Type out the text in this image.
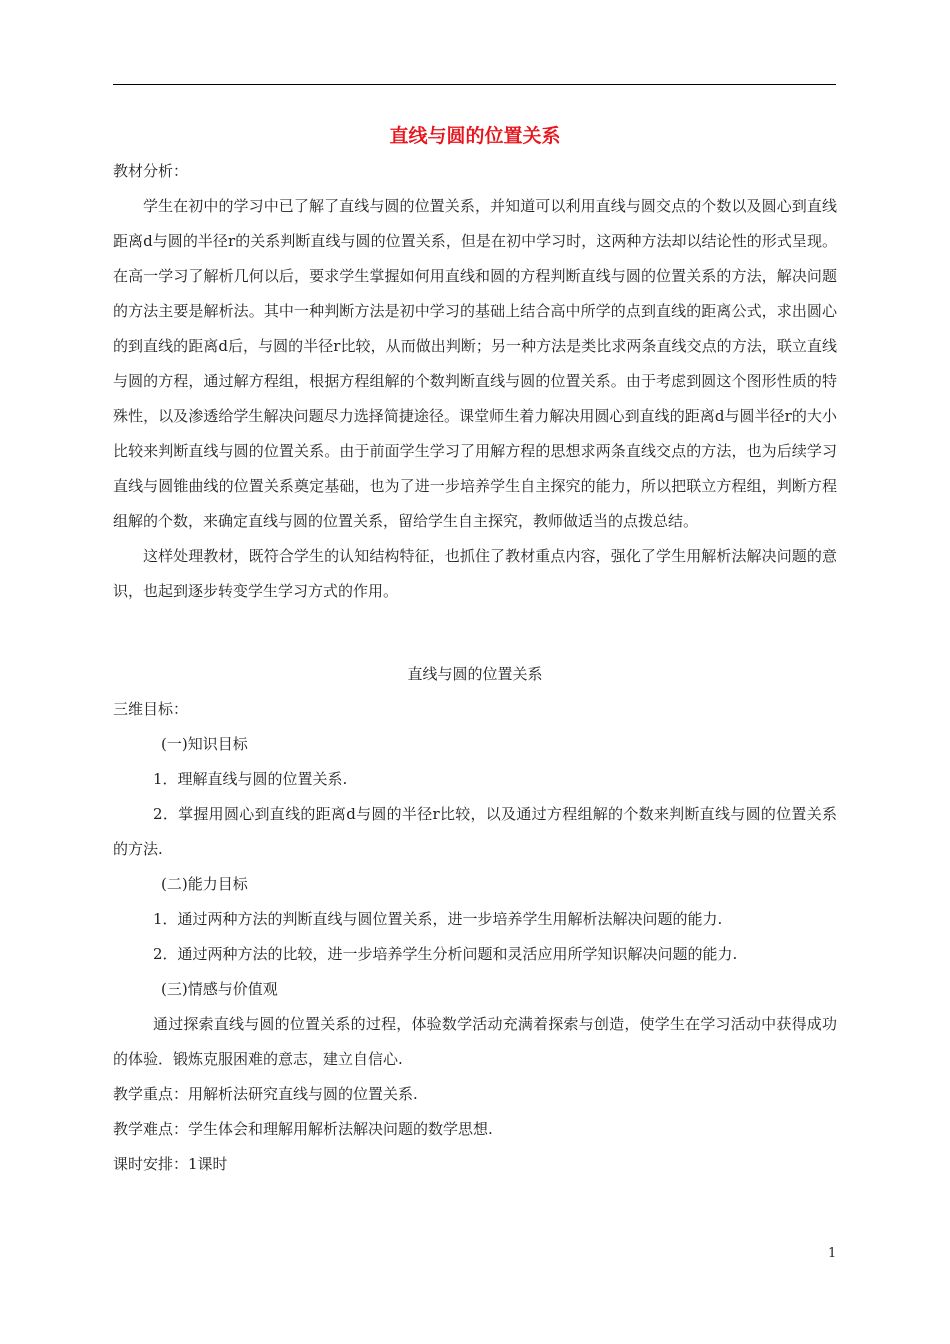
直线与圆的位置关系

教材分析：

学生在初中的学习中已了解了直线与圆的位置关系，并知道可以利用直线与圆交点的个数以及圆心到直线距离d与圆的半径r的关系判断直线与圆的位置关系，但是在初中学习时，这两种方法却以结论性的形式呈现。在高一学习了解析几何以后，要求学生掌握如何用直线和圆的方程判断直线与圆的位置关系的方法，解决问题的方法主要是解析法。其中一种判断方法是初中学习的基础上结合高中所学的点到直线的距离公式，求出圆心的到直线的距离d后，与圆的半径r比较，从而做出判断；另一种方法是类比求两条直线交点的方法，联立直线与圆的方程，通过解方程组，根据方程组解的个数判断直线与圆的位置关系。由于考虑到圆这个图形性质的特殊性，以及渗透给学生解决问题尽力选择简捷途径。课堂师生着力解决用圆心到直线的距离d与圆半径r的大小比较来判断直线与圆的位置关系。由于前面学生学习了用解方程的思想求两条直线交点的方法，也为后续学习直线与圆锥曲线的位置关系奠定基础，也为了进一步培养学生自主探究的能力，所以把联立方程组，判断方程组解的个数，来确定直线与圆的位置关系，留给学生自主探究，教师做适当的点拨总结。

这样处理教材，既符合学生的认知结构特征，也抓住了教材重点内容，强化了学生用解析法解决问题的意识，也起到逐步转变学生学习方式的作用。

直线与圆的位置关系

三维目标：

(一)知识目标

1．理解直线与圆的位置关系.

2．掌握用圆心到直线的距离d与圆的半径r比较，以及通过方程组解的个数来判断直线与圆的位置关系的方法.

(二)能力目标

1．通过两种方法的判断直线与圆位置关系，进一步培养学生用解析法解决问题的能力.

2．通过两种方法的比较，进一步培养学生分析问题和灵活应用所学知识解决问题的能力.

(三)情感与价值观

通过探索直线与圆的位置关系的过程，体验数学活动充满着探索与创造，使学生在学习活动中获得成功的体验．锻炼克服困难的意志，建立自信心.

教学重点：用解析法研究直线与圆的位置关系.

教学难点：学生体会和理解用解析法解决问题的数学思想.

课时安排：1课时

1
